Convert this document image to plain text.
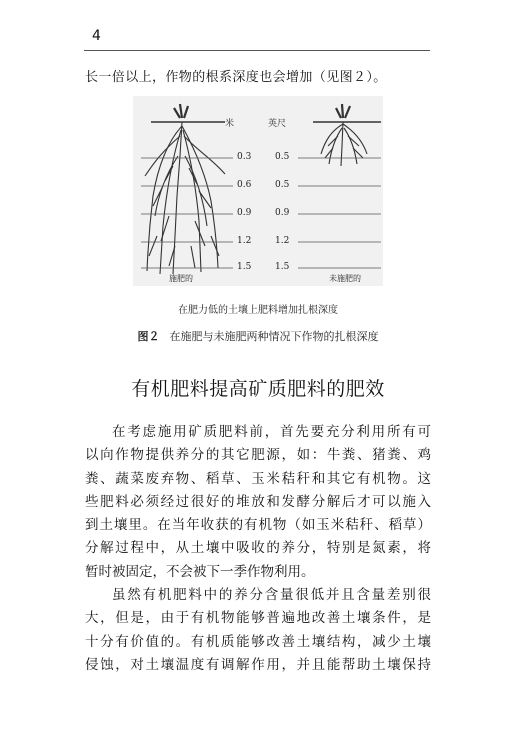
4
长一倍以上，作物的根系深度也会增加（见图２）。
米	英尺
0.3
0.6
0.9
1.2
1.5
0.5
0.5
0.9
1.2
1.5
施肥的	未施肥的
在肥力低的土壤上肥料增加扎根深度
图２ 在施肥与未施肥两种情况下作物的扎根深度
有机肥料提高矿质肥料的肥效
在考虑施用矿质肥料前，首先要充分利用所有可
以向作物提供养分的其它肥源，如：牛粪、猪粪、鸡
粪、蔬菜废弃物、稻草、玉米秸秆和其它有机物。这
些肥料必须经过很好的堆放和发酵分解后才可以施入
到土壤里。在当年收获的有机物（如玉米秸秆、稻草）
分解过程中，从土壤中吸收的养分，特别是氮素，将
暂时被固定，不会被下一季作物利用。
虽然有机肥料中的养分含量很低并且含量差别很
大，但是，由于有机物能够普遍地改善土壤条件，是
十分有价值的。有机质能够改善土壤结构，减少土壤
侵蚀，对土壤温度有调解作用，并且能帮助土壤保持
